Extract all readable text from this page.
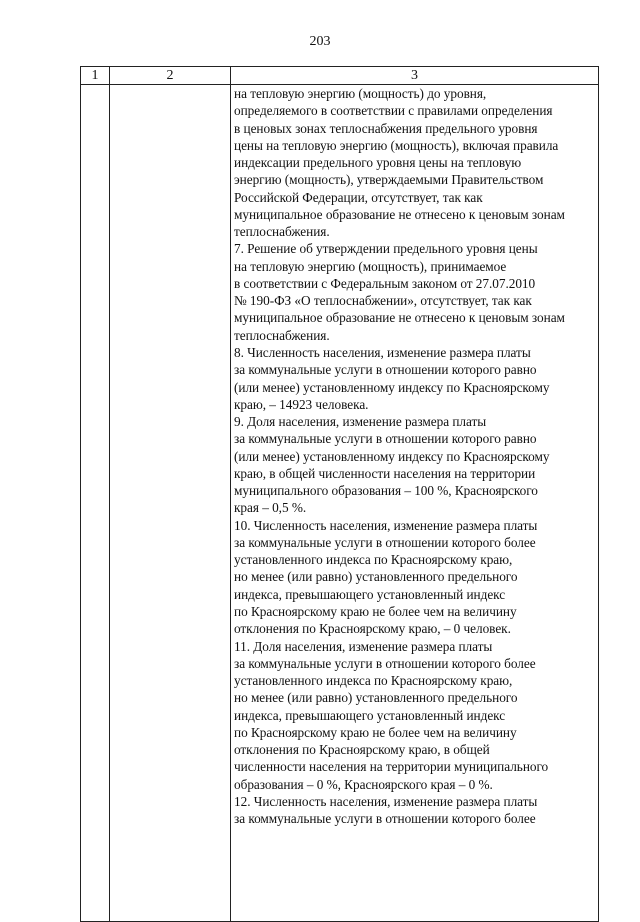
203
1	2	3
на тепловую энергию (мощность) до уровня,
определяемого в соответствии с правилами определения
в ценовых зонах теплоснабжения предельного уровня
цены на тепловую энергию (мощность), включая правила
индексации предельного уровня цены на тепловую
энергию (мощность), утверждаемыми Правительством
Российской Федерации, отсутствует, так как
муниципальное образование не отнесено к ценовым зонам
теплоснабжения.
7. Решение об утверждении предельного уровня цены
на тепловую энергию (мощность), принимаемое
в соответствии с Федеральным законом от 27.07.2010
№ 190-ФЗ «О теплоснабжении», отсутствует, так как
муниципальное образование не отнесено к ценовым зонам
теплоснабжения.
8. Численность населения, изменение размера платы
за коммунальные услуги в отношении которого равно
(или менее) установленному индексу по Красноярскому
краю, – 14923 человека.
9. Доля населения, изменение размера платы
за коммунальные услуги в отношении которого равно
(или менее) установленному индексу по Красноярскому
краю, в общей численности населения на территории
муниципального образования – 100 %, Красноярского
края – 0,5 %.
10. Численность населения, изменение размера платы
за коммунальные услуги в отношении которого более
установленного индекса по Красноярскому краю,
но менее (или равно) установленного предельного
индекса, превышающего установленный индекс
по Красноярскому краю не более чем на величину
отклонения по Красноярскому краю, – 0 человек.
11. Доля населения, изменение размера платы
за коммунальные услуги в отношении которого более
установленного индекса по Красноярскому краю,
но менее (или равно) установленного предельного
индекса, превышающего установленный индекс
по Красноярскому краю не более чем на величину
отклонения по Красноярскому краю, в общей
численности населения на территории муниципального
образования – 0 %, Красноярского края – 0 %.
12. Численность населения, изменение размера платы
за коммунальные услуги в отношении которого более
